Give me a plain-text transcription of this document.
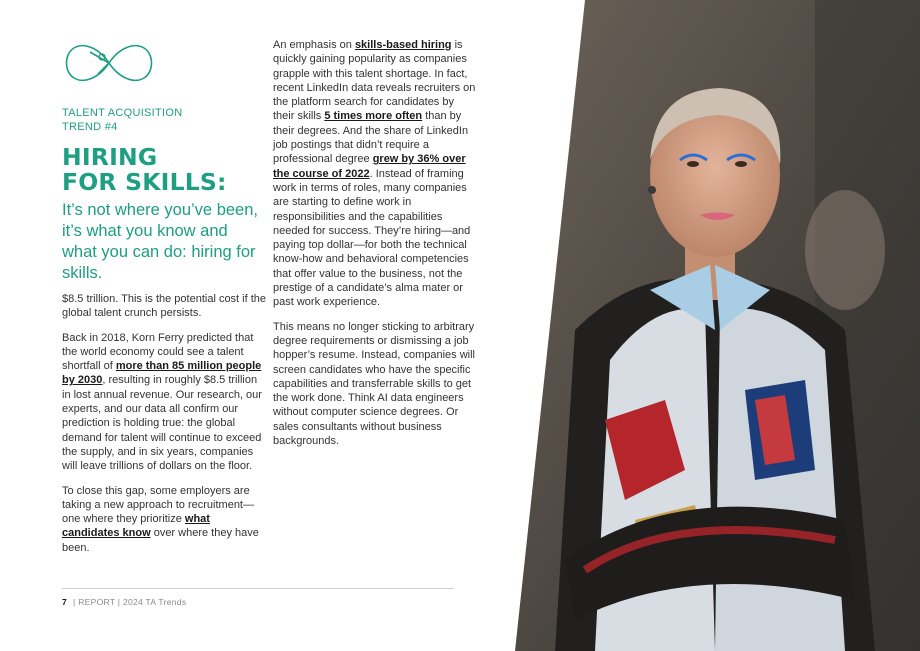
TALENT ACQUISITION
TREND #4
HIRING
FOR SKILLS:
It’s not where you’ve been, it’s what you know and what you can do: hiring for skills.

$8.5 trillion. This is the potential cost if the global talent crunch persists.

Back in 2018, Korn Ferry predicted that the world economy could see a talent shortfall of more than 85 million people by 2030, resulting in roughly $8.5 trillion in lost annual revenue. Our research, our experts, and our data all confirm our prediction is holding true: the global demand for talent will continue to exceed the supply, and in six years, companies will leave trillions of dollars on the floor.

To close this gap, some employers are taking a new approach to recruitment—one where they prioritize what candidates know over where they have been.

An emphasis on skills-based hiring is quickly gaining popularity as companies grapple with this talent shortage. In fact, recent LinkedIn data reveals recruiters on the platform search for candidates by their skills 5 times more often than by their degrees. And the share of LinkedIn job postings that didn’t require a professional degree grew by 36% over the course of 2022. Instead of framing work in terms of roles, many companies are starting to define work in responsibilities and the capabilities needed for success. They’re hiring—and paying top dollar—for both the technical know-how and behavioral competencies that offer value to the business, not the prestige of a candidate’s alma mater or past work experience.

This means no longer sticking to arbitrary degree requirements or dismissing a job hopper’s resume. Instead, companies will screen candidates who have the specific capabilities and transferrable skills to get the work done. Think AI data engineers without computer science degrees. Or sales consultants without business backgrounds.

7 | REPORT | 2024 TA Trends
